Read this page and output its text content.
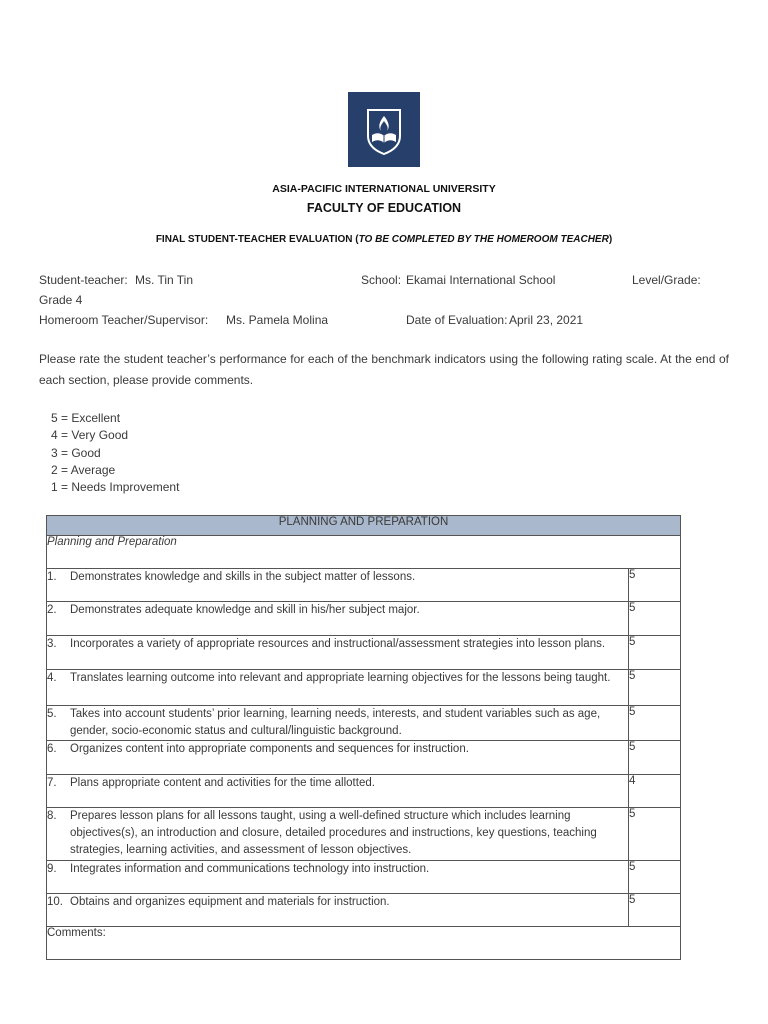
ASIA-PACIFIC INTERNATIONAL UNIVERSITY
FACULTY OF EDUCATION
FINAL STUDENT-TEACHER EVALUATION (TO BE COMPLETED BY THE HOMEROOM TEACHER)
Student-teacher: Ms. Tin Tin	School: Ekamai International School	Level/Grade:
Grade 4
Homeroom Teacher/Supervisor: Ms. Pamela Molina	Date of Evaluation: April 23, 2021
Please rate the student teacher’s performance for each of the benchmark indicators using the following rating scale. At the end of each section, please provide comments.
5 = Excellent
4 = Very Good
3 = Good
2 = Average
1 = Needs Improvement
PLANNING AND PREPARATION	
Planning and Preparation	
1. Demonstrates knowledge and skills in the subject matter of lessons.	5
2. Demonstrates adequate knowledge and skill in his/her subject major.	5
3. Incorporates a variety of appropriate resources and instructional/assessment strategies into lesson plans.	5
4. Translates learning outcome into relevant and appropriate learning objectives for the lessons being taught.	5
5. Takes into account students’ prior learning, learning needs, interests, and student variables such as age, gender, socio-economic status and cultural/linguistic background.	5
6. Organizes content into appropriate components and sequences for instruction.	5
7. Plans appropriate content and activities for the time allotted.	4
8. Prepares lesson plans for all lessons taught, using a well-defined structure which includes learning objectives(s), an introduction and closure, detailed procedures and instructions, key questions, teaching strategies, learning activities, and assessment of lesson objectives.	5
9. Integrates information and communications technology into instruction.	5
10. Obtains and organizes equipment and materials for instruction.	5
Comments:	
